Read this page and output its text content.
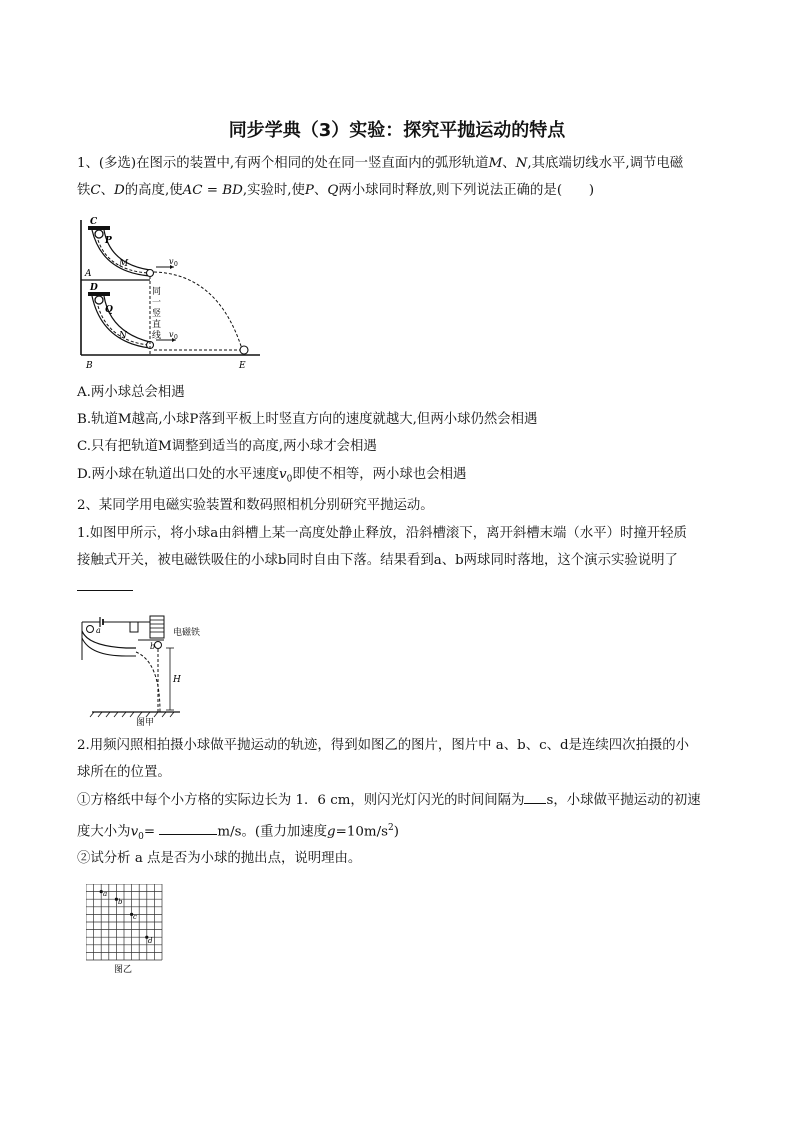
同步学典（3）实验：探究平抛运动的特点
1、(多选)在图示的装置中,有两个相同的处在同一竖直面内的弧形轨道M、N,其底端切线水平,调节电磁
铁C、D的高度,使AC = BD,实验时,使P、Q两小球同时释放,则下列说法正确的是(　　)
C
P
M
A
D
Q
N
B	E
v 0
v 0
同
一
竖
直
线
A.两小球总会相遇
B.轨道M越高,小球P落到平板上时竖直方向的速度就越大,但两小球仍然会相遇
C.只有把轨道M调整到适当的高度,两小球才会相遇
D.两小球在轨道出口处的水平速度$v_0$即使不相等，两小球也会相遇
2、某同学用电磁实验装置和数码照相机分别研究平抛运动。
1.如图甲所示，将小球a由斜槽上某一高度处静止释放，沿斜槽滚下，离开斜槽末端（水平）时撞开轻质
接触式开关，被电磁铁吸住的小球b同时自由下落。结果看到a、b两球同时落地，这个演示实验说明了
a
b
电磁铁
H
图甲
2.用频闪照相拍摄小球做平抛运动的轨迹，得到如图乙的图片，图片中 a、b、c、d是连续四次拍摄的小
球所在的位置。
①方格纸中每个小方格的实际边长为 1．6 cm，则闪光灯闪光的时间间隔为 s，小球做平抛运动的初速
度大小为$v_0=$	m/s。(重力加速度$g=10m/s^2$)
②试分析 a 点是否为小球的抛出点，说明理由。
a
b
c
d
图乙
